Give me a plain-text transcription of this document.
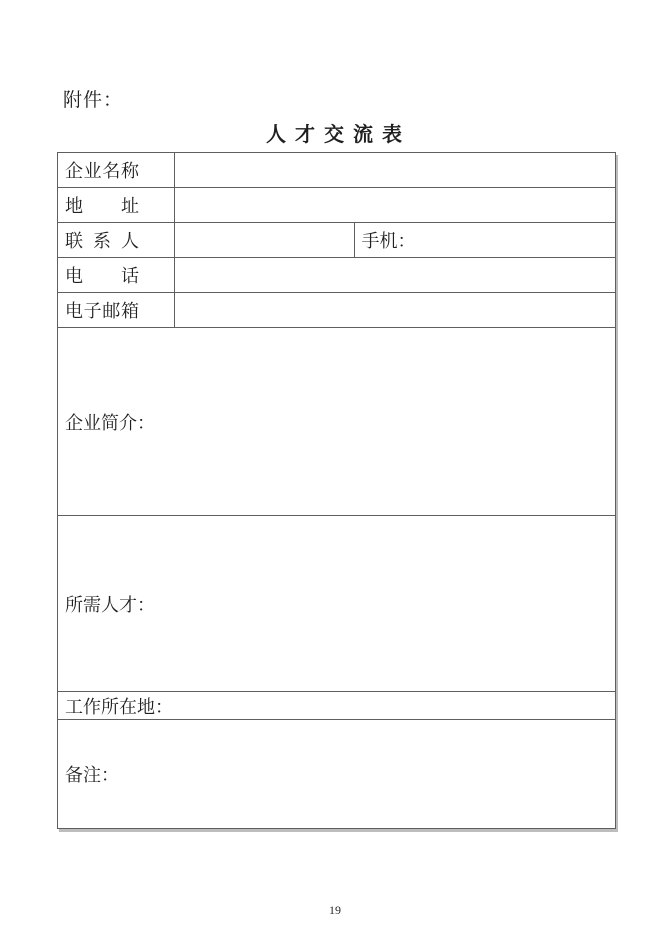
附件：
人 才 交 流 表
企业名称		
地址		
联系人		手机：
电话		
电子邮箱		
企业简介：		
所需人才：		
工作所在地：		
备注：		
19
